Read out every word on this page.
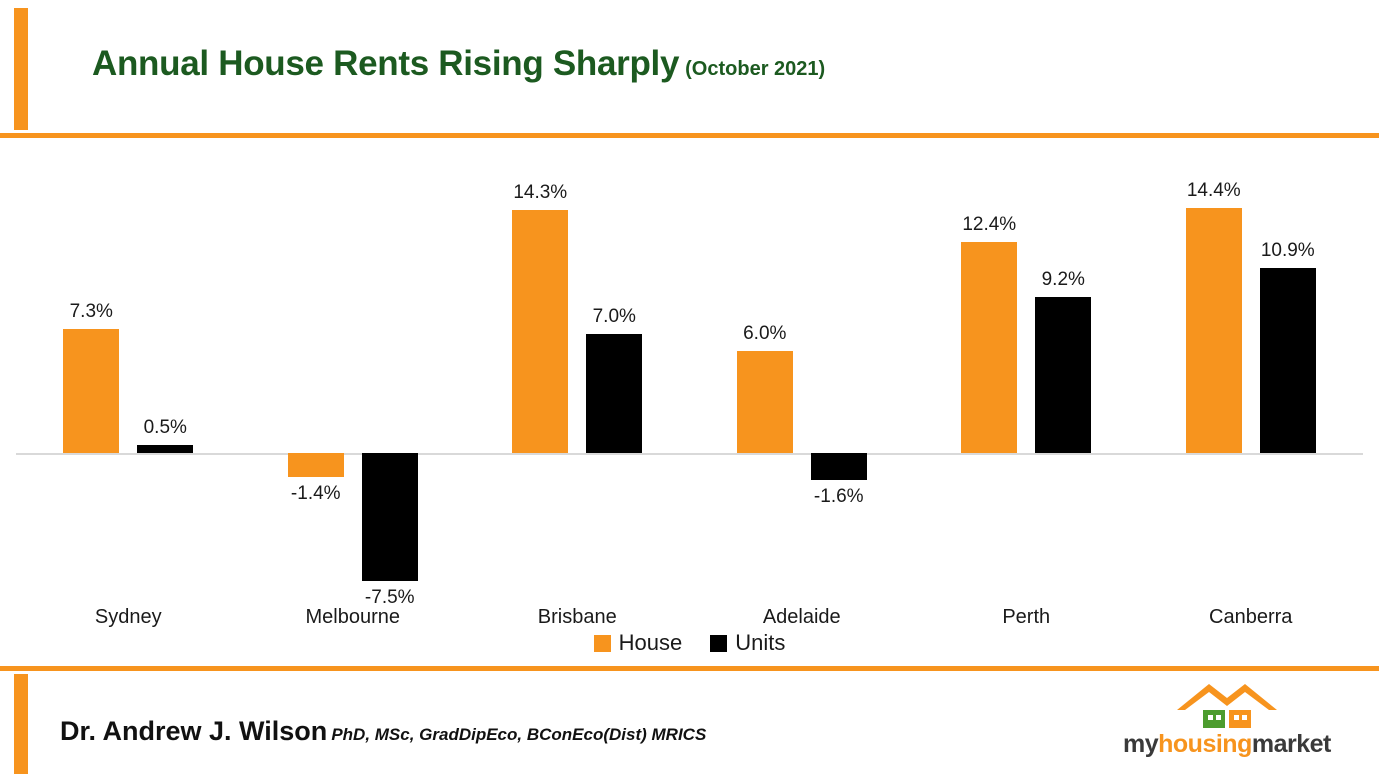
Annual House Rents Rising Sharply (October 2021)
7.3%
0.5%
Sydney
-1.4%
-7.5%
Melbourne
14.3%
7.0%
Brisbane
6.0%
-1.6%
Adelaide
12.4%
9.2%
Perth
14.4%
10.9%
Canberra
House Units
Dr. Andrew J. Wilson PhD, MSc, GradDipEco, BConEco(Dist) MRICS	myhousingmarket
